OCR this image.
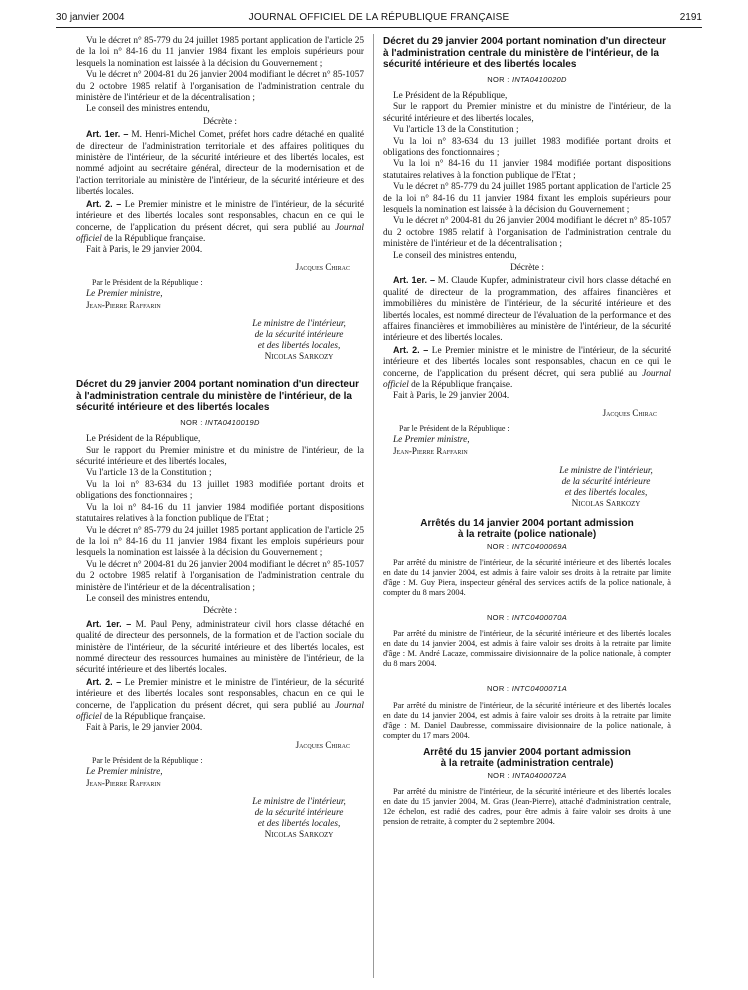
30 janvier 2004	JOURNAL OFFICIEL DE LA RÉPUBLIQUE FRANÇAISE	2191

Vu le décret n° 85-779 du 24 juillet 1985 portant application de l'article 25 de la loi n° 84-16 du 11 janvier 1984 fixant les emplois supérieurs pour lesquels la nomination est laissée à la décision du Gouvernement ;

Vu le décret n° 2004-81 du 26 janvier 2004 modifiant le décret n° 85-1057 du 2 octobre 1985 relatif à l'organisation de l'administration centrale du ministère de l'intérieur et de la décentralisation ;

Le conseil des ministres entendu,

Décrète :

Art. 1er. – M. Henri-Michel Comet, préfet hors cadre détaché en qualité de directeur de l'administration territoriale et des affaires politiques du ministère de l'intérieur, de la sécurité intérieure et des libertés locales, est nommé adjoint au secrétaire général, directeur de la modernisation et de l'action territoriale au ministère de l'intérieur, de la sécurité intérieure et des libertés locales.

Art. 2. – Le Premier ministre et le ministre de l'intérieur, de la sécurité intérieure et des libertés locales sont responsables, chacun en ce qui le concerne, de l'application du présent décret, qui sera publié au Journal officiel de la République française.

Fait à Paris, le 29 janvier 2004.

Jacques Chirac
Par le Président de la République :

Le Premier ministre,

Jean-Pierre Raffarin

Le ministre de l'intérieur,
de la sécurité intérieure
et des libertés locales,
Nicolas Sarkozy
Décret du 29 janvier 2004 portant nomination d'un directeur à l'administration centrale du ministère de l'intérieur, de la sécurité intérieure et des libertés locales
NOR : INTA0410019D

Le Président de la République,

Sur le rapport du Premier ministre et du ministre de l'intérieur, de la sécurité intérieure et des libertés locales,

Vu l'article 13 de la Constitution ;

Vu la loi n° 83-634 du 13 juillet 1983 modifiée portant droits et obligations des fonctionnaires ;

Vu la loi n° 84-16 du 11 janvier 1984 modifiée portant dispositions statutaires relatives à la fonction publique de l'Etat ;

Vu le décret n° 85-779 du 24 juillet 1985 portant application de l'article 25 de la loi n° 84-16 du 11 janvier 1984 fixant les emplois supérieurs pour lesquels la nomination est laissée à la décision du Gouvernement ;

Vu le décret n° 2004-81 du 26 janvier 2004 modifiant le décret n° 85-1057 du 2 octobre 1985 relatif à l'organisation de l'administration centrale du ministère de l'intérieur et de la décentralisation ;

Le conseil des ministres entendu,

Décrète :

Art. 1er. – M. Paul Peny, administrateur civil hors classe détaché en qualité de directeur des personnels, de la formation et de l'action sociale du ministère de l'intérieur, de la sécurité intérieure et des libertés locales, est nommé directeur des ressources humaines au ministère de l'intérieur, de la sécurité intérieure et des libertés locales.

Art. 2. – Le Premier ministre et le ministre de l'intérieur, de la sécurité intérieure et des libertés locales sont responsables, chacun en ce qui le concerne, de l'application du présent décret, qui sera publié au Journal officiel de la République française.

Fait à Paris, le 29 janvier 2004.

Jacques Chirac
Par le Président de la République :

Le Premier ministre,

Jean-Pierre Raffarin

Le ministre de l'intérieur,
de la sécurité intérieure
et des libertés locales,
Nicolas Sarkozy
Décret du 29 janvier 2004 portant nomination d'un directeur à l'administration centrale du ministère de l'intérieur, de la sécurité intérieure et des libertés locales
NOR : INTA0410020D

Le Président de la République,

Sur le rapport du Premier ministre et du ministre de l'intérieur, de la sécurité intérieure et des libertés locales,

Vu l'article 13 de la Constitution ;

Vu la loi n° 83-634 du 13 juillet 1983 modifiée portant droits et obligations des fonctionnaires ;

Vu la loi n° 84-16 du 11 janvier 1984 modifiée portant dispositions statutaires relatives à la fonction publique de l'Etat ;

Vu le décret n° 85-779 du 24 juillet 1985 portant application de l'article 25 de la loi n° 84-16 du 11 janvier 1984 fixant les emplois supérieurs pour lesquels la nomination est laissée à la décision du Gouvernement ;

Vu le décret n° 2004-81 du 26 janvier 2004 modifiant le décret n° 85-1057 du 2 octobre 1985 relatif à l'organisation de l'administration centrale du ministère de l'intérieur et de la décentralisation ;

Le conseil des ministres entendu,

Décrète :

Art. 1er. – M. Claude Kupfer, administrateur civil hors classe détaché en qualité de directeur de la programmation, des affaires financières et immobilières du ministère de l'intérieur, de la sécurité intérieure et des libertés locales, est nommé directeur de l'évaluation de la performance et des affaires financières et immobilières au ministère de l'intérieur, de la sécurité intérieure et des libertés locales.

Art. 2. – Le Premier ministre et le ministre de l'intérieur, de la sécurité intérieure et des libertés locales sont responsables, chacun en ce qui le concerne, de l'application du présent décret, qui sera publié au Journal officiel de la République française.

Fait à Paris, le 29 janvier 2004.

Jacques Chirac
Par le Président de la République :

Le Premier ministre,

Jean-Pierre Raffarin

Le ministre de l'intérieur,
de la sécurité intérieure
et des libertés locales,
Nicolas Sarkozy
Arrêtés du 14 janvier 2004 portant admission
à la retraite (police nationale)
NOR : INTC0400069A

Par arrêté du ministre de l'intérieur, de la sécurité intérieure et des libertés locales en date du 14 janvier 2004, est admis à faire valoir ses droits à la retraite par limite d'âge : M. Guy Piera, inspecteur général des services actifs de la police nationale, à compter du 8 mars 2004.

NOR : INTC0400070A

Par arrêté du ministre de l'intérieur, de la sécurité intérieure et des libertés locales en date du 14 janvier 2004, est admis à faire valoir ses droits à la retraite par limite d'âge : M. André Lacaze, commissaire divisionnaire de la police nationale, à compter du 8 mars 2004.

NOR : INTC0400071A

Par arrêté du ministre de l'intérieur, de la sécurité intérieure et des libertés locales en date du 14 janvier 2004, est admis à faire valoir ses droits à la retraite par limite d'âge : M. Daniel Daubresse, commissaire divisionnaire de la police nationale, à compter du 17 mars 2004.

Arrêté du 15 janvier 2004 portant admission
à la retraite (administration centrale)
NOR : INTA0400072A

Par arrêté du ministre de l'intérieur, de la sécurité intérieure et des libertés locales en date du 15 janvier 2004, M. Gras (Jean-Pierre), attaché d'administration centrale, 12e échelon, est radié des cadres, pour être admis à faire valoir ses droits à une pension de retraite, à compter du 2 septembre 2004.
